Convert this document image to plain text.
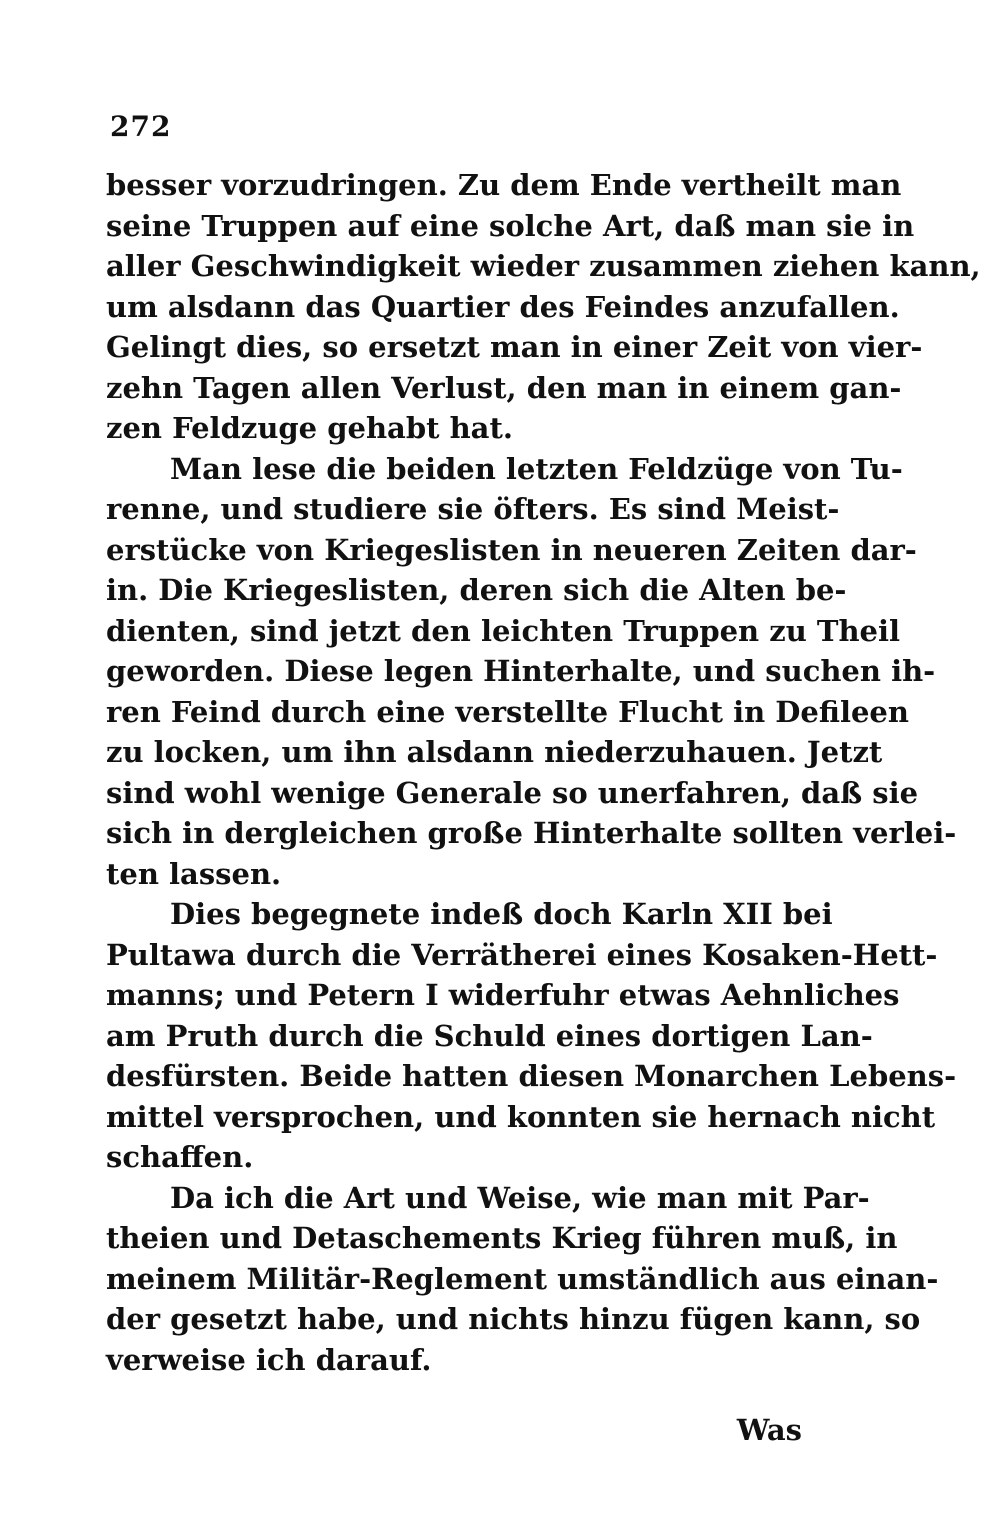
272
besser vorzudringen. Zu dem Ende vertheilt man
seine Truppen auf eine solche Art, daß man sie in
aller Geschwindigkeit wieder zusammen ziehen kann,
um alsdann das Quartier des Feindes anzufallen.
Gelingt dies, so ersetzt man in einer Zeit von vier-
zehn Tagen allen Verlust, den man in einem gan-
zen Feldzuge gehabt hat.
Man lese die beiden letzten Feldzüge von Tu-
renne, und studiere sie öfters. Es sind Meist-
erstücke von Kriegeslisten in neueren Zeiten dar-
in. Die Kriegeslisten, deren sich die Alten be-
dienten, sind jetzt den leichten Truppen zu Theil
geworden. Diese legen Hinterhalte, und suchen ih-
ren Feind durch eine verstellte Flucht in Defileen
zu locken, um ihn alsdann niederzuhauen. Jetzt
sind wohl wenige Generale so unerfahren, daß sie
sich in dergleichen große Hinterhalte sollten verlei-
ten lassen.
Dies begegnete indeß doch Karln XII bei
Pultawa durch die Verrätherei eines Kosaken-Hett-
manns; und Petern I widerfuhr etwas Aehnliches
am Pruth durch die Schuld eines dortigen Lan-
desfürsten. Beide hatten diesen Monarchen Lebens-
mittel versprochen, und konnten sie hernach nicht
schaffen.
Da ich die Art und Weise, wie man mit Par-
theien und Detaschements Krieg führen muß, in
meinem Militär-Reglement umständlich aus einan-
der gesetzt habe, und nichts hinzu fügen kann, so
verweise ich darauf.
Was
